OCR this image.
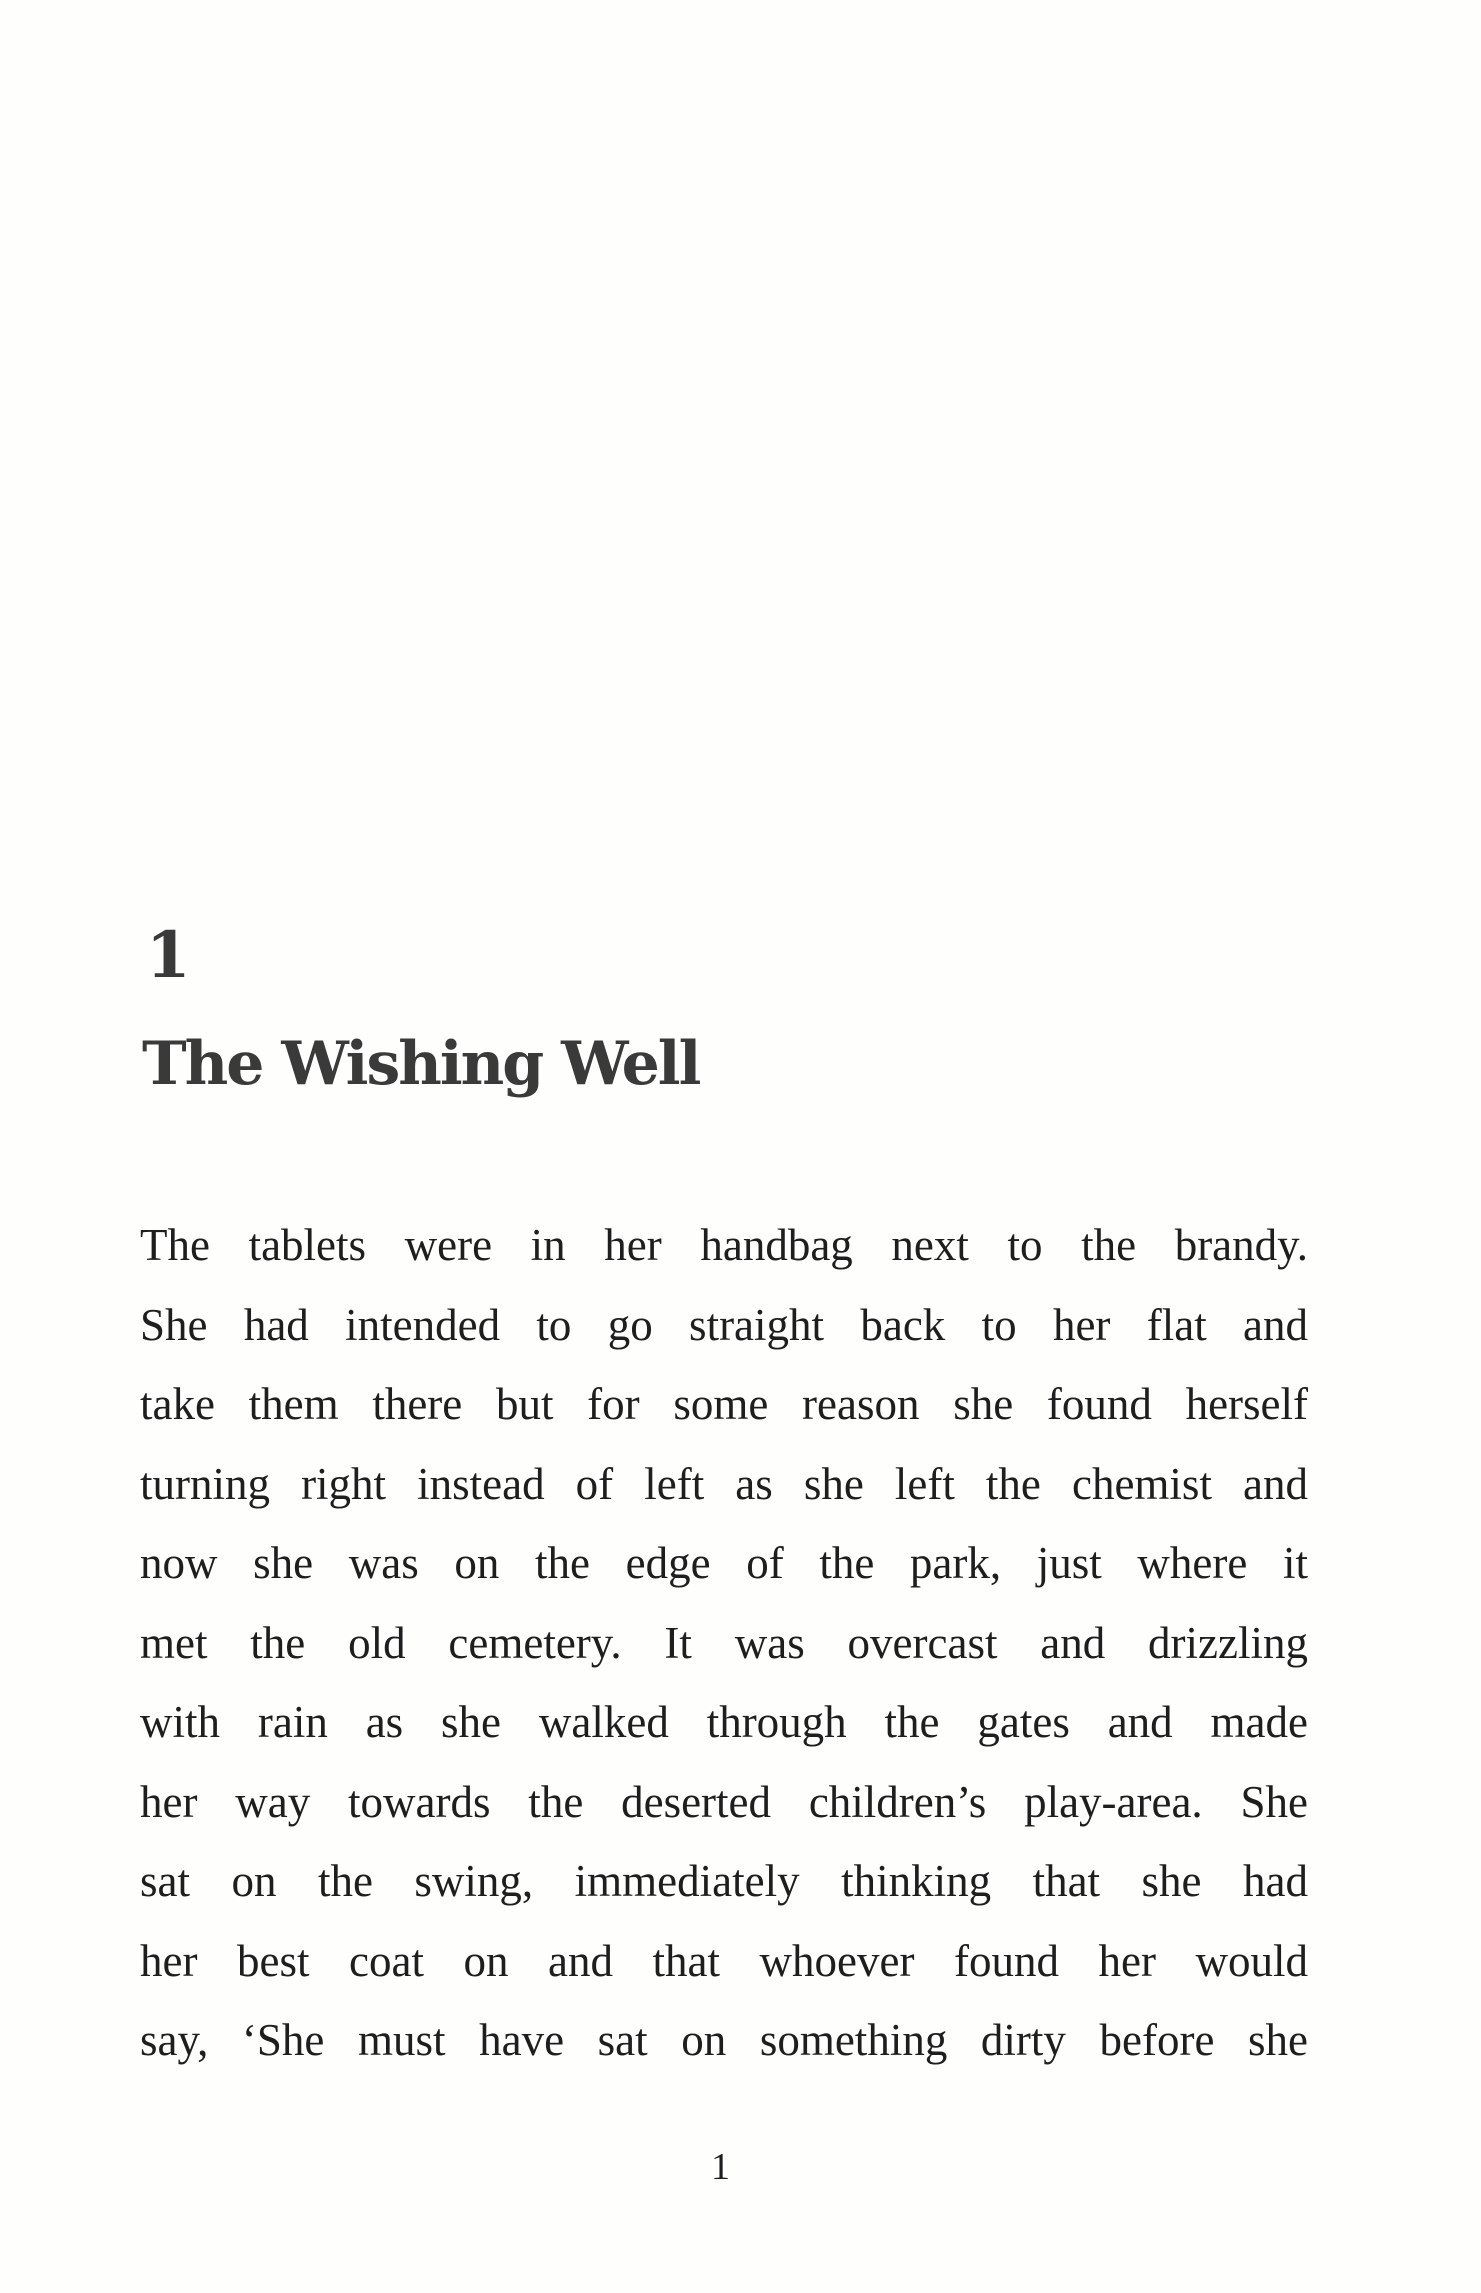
1
The Wishing Well
The tablets were in her handbag next to the brandy.
She had intended to go straight back to her flat and
take them there but for some reason she found herself
turning right instead of left as she left the chemist and
now she was on the edge of the park, just where it
met the old cemetery. It was overcast and drizzling
with rain as she walked through the gates and made
her way towards the deserted children’s play-area. She
sat on the swing, immediately thinking that she had
her best coat on and that whoever found her would
say, ‘She must have sat on something dirty before she

1
